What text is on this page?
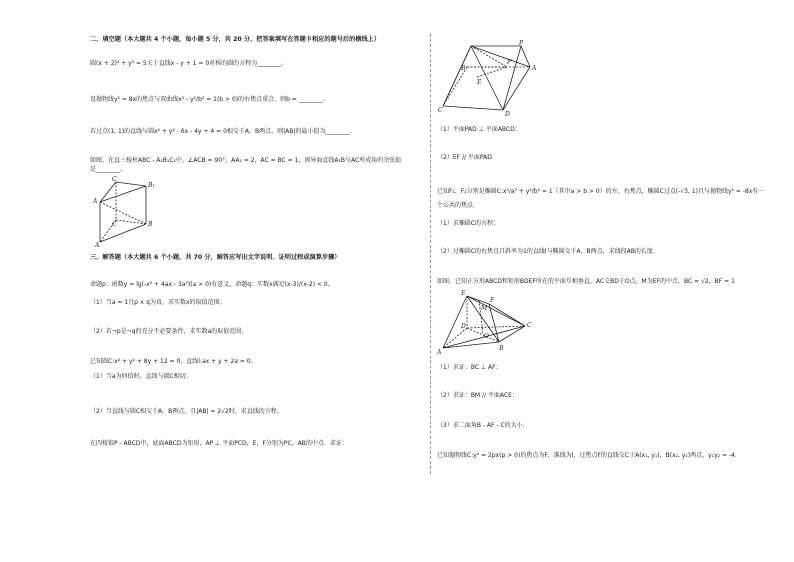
二、填空题（本大题共 4 个小题，每小题 5 分，共 20 分，把答案填写在答题卡相应的题号后的横线上）
圆(x + 2)² + y² = 5关于直线x - y + 1 = 0对称的圆的方程为________。
设抛物线y² = 8x的焦点与双曲线x² - y²/b² = 1(b > 0)的右焦点重合，则b = ________。
若过点(1, 1)的直线与圆x² + y² - 6x - 4y + 4 = 0相交于A，B两点，则|AB|的最小值为________。
如图，在直三棱柱ABC - A₁B₁C₁中，∠ACB = 90°，AA₁ = 2，AC = BC = 1，则异面直线A₁B与AC所成角的余弦值
是________。
C
B₁
A
B
C
A
三、解答题（本大题共 6 个小题，共 70 分，解答应写出文字说明、证明过程或演算步骤）
命题p：函数y = lg(-x² + 4ax - 3a²)(a > 0)有意义，命题q：实数x满足(x-3)/(x-2) < 0。
（1）当a = 1且p ∧ q为真，求实数x的取值范围；
（2）若¬p是¬q的充分不必要条件，求实数a的取值范围。
已知圆C:x² + y² + 8y + 12 = 0，直线l:ax + y + 2a = 0。
（1）当a为何值时，直线与圆C相切；
（2）当直线与圆C相交于A，B两点，且|AB| = 2√2时，求直线的方程。
在四棱锥P - ABCD中，底面ABCD为矩形，AP ⊥ 平面PCD，E，F分别为PC，AB的中点．求证：
P
B
F
E
A
C
D
（1）平面PAD ⊥ 平面ABCD；
（2）EF // 平面PAD．
已知F₁，F₂分别是椭圆C:x²/a² + y²/b² = 1（其中a > b > 0）的左、右焦点，椭圆C过点(-√3, 1)且与抛物线y² = -8x有一
个公共的焦点．
（1）求椭圆C的方程；
（2）过椭圆C的右焦点且斜率为1的直线l与椭圆交于A、B两点，求线段AB的长度．
如图，已知正方形ABCD和矩形BDEF所在的平面互相垂直，AC交BD于O点，M为EF的中点，BC = √2，BF = 1
E
F
M
D
O
B
C
A
（1）求证：BC ⊥ AF；
（2）求证：BM // 平面ACE；
（3）求二面角B - AF - C的大小．
已知抛物线C:y² = 2px(p > 0)的焦点为F，准线为l，过焦点F的直线交C于A(x₁, y₁)，B(x₂, y₂)两点，y₁y₂ = -4．
